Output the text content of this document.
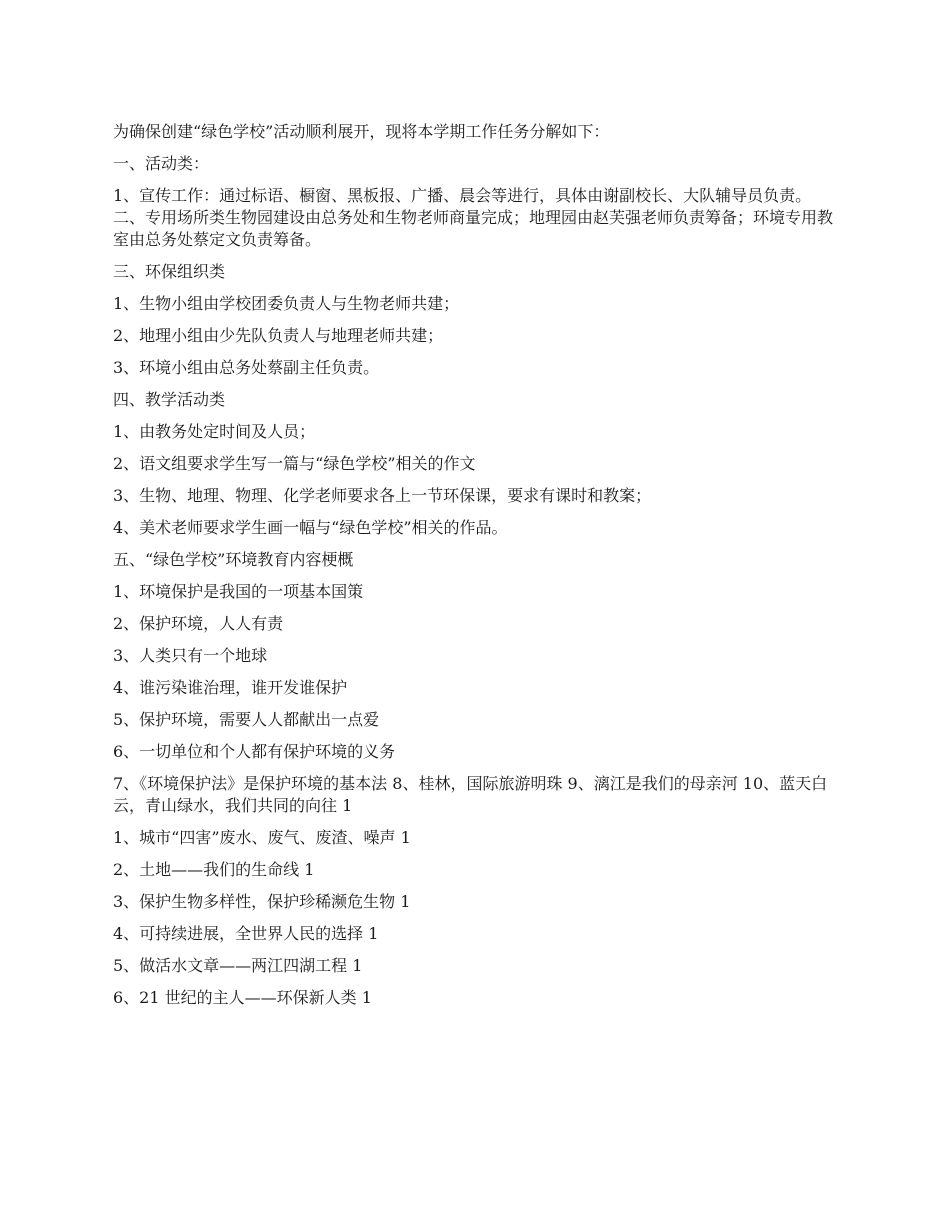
为确保创建“绿色学校”活动顺利展开，现将本学期工作任务分解如下：

一、活动类：

1、宣传工作：通过标语、橱窗、黑板报、广播、晨会等进行，具体由谢副校长、大队辅导员负责。二、专用场所类生物园建设由总务处和生物老师商量完成；地理园由赵芙强老师负责筹备；环境专用教室由总务处蔡定文负责筹备。

三、环保组织类

1、生物小组由学校团委负责人与生物老师共建；

2、地理小组由少先队负责人与地理老师共建；

3、环境小组由总务处蔡副主任负责。

四、教学活动类

1、由教务处定时间及人员；

2、语文组要求学生写一篇与“绿色学校”相关的作文

3、生物、地理、物理、化学老师要求各上一节环保课，要求有课时和教案；

4、美术老师要求学生画一幅与“绿色学校”相关的作品。

五、“绿色学校”环境教育内容梗概

1、环境保护是我国的一项基本国策

2、保护环境，人人有责

3、人类只有一个地球

4、谁污染谁治理，谁开发谁保护

5、保护环境，需要人人都献出一点爱

6、一切单位和个人都有保护环境的义务

7、《环境保护法》是保护环境的基本法 8、桂林，国际旅游明珠 9、漓江是我们的母亲河 10、蓝天白云，青山绿水，我们共同的向往 1

1、城市“四害”废水、废气、废渣、噪声 1

2、土地——我们的生命线 1

3、保护生物多样性，保护珍稀濒危生物 1

4、可持续进展，全世界人民的选择 1

5、做活水文章——两江四湖工程 1

6、21 世纪的主人——环保新人类 1
